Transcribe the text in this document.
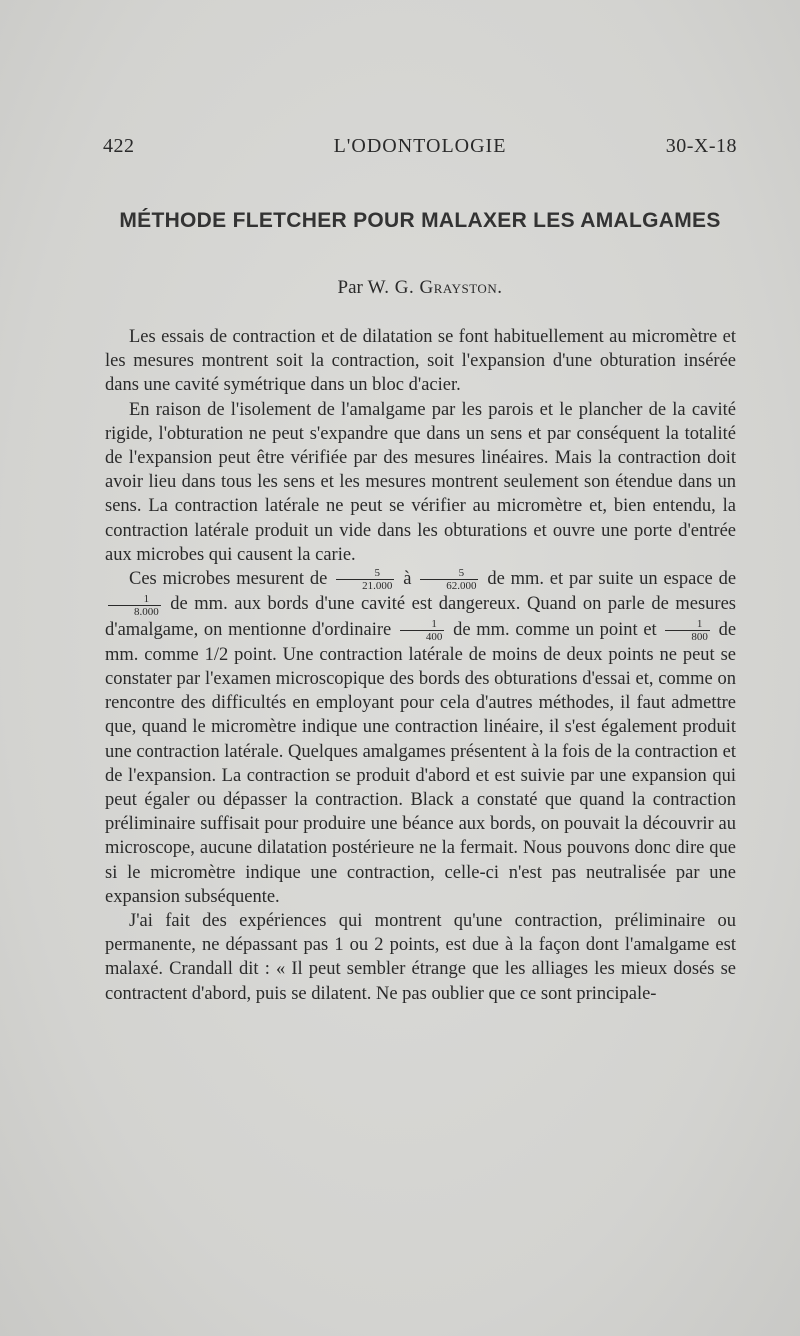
422	L'ODONTOLOGIE	30-X-18
MÉTHODE FLETCHER POUR MALAXER LES AMALGAMES
Par W. G. Grayston.

Les essais de contraction et de dilatation se font habituellement au micromètre et les mesures montrent soit la contraction, soit l'expansion d'une obturation insérée dans une cavité symétrique dans un bloc d'acier.

En raison de l'isolement de l'amalgame par les parois et le plancher de la cavité rigide, l'obturation ne peut s'expandre que dans un sens et par conséquent la totalité de l'expansion peut être vérifiée par des mesures linéaires. Mais la contraction doit avoir lieu dans tous les sens et les mesures montrent seulement son étendue dans un sens. La contraction latérale ne peut se vérifier au micromètre et, bien entendu, la contraction latérale produit un vide dans les obturations et ouvre une porte d'entrée aux microbes qui causent la carie.

Ces microbes mesurent de $\frac{5}{21.000}$ à $\frac{5}{62.000}$ de mm. et par suite un espace de
$\frac{1}{8.000}$ de mm. aux bords d'une cavité est dangereux. Quand on parle de mesures d'amalgame, on mentionne d'ordinaire $\frac{1}{400}$ de mm. comme un point et $\frac{1}{800}$ de mm. comme 1/2 point. Une contraction latérale de moins de deux points ne peut se constater par l'examen microscopique des bords des obturations d'essai et, comme on rencontre des difficultés en employant pour cela d'autres méthodes, il faut admettre que, quand le micromètre indique une contraction linéaire, il s'est également produit une contraction latérale. Quelques amalgames présentent à la fois de la contraction et de l'expansion. La contraction se produit d'abord et est suivie par une expansion qui peut égaler ou dépasser la contraction. Black a constaté que quand la contraction préliminaire suffisait pour produire une béance aux bords, on pouvait la découvrir au microscope, aucune dilatation postérieure ne la fermait. Nous pouvons donc dire que si le micromètre indique une contraction, celle-ci n'est pas neutralisée par une expansion subséquente.

J'ai fait des expériences qui montrent qu'une contraction, préliminaire ou permanente, ne dépassant pas 1 ou 2 points, est due à la façon dont l'amalgame est malaxé. Crandall dit : « Il peut sembler étrange que les alliages les mieux dosés se contractent d'abord, puis se dilatent. Ne pas oublier que ce sont principale-
